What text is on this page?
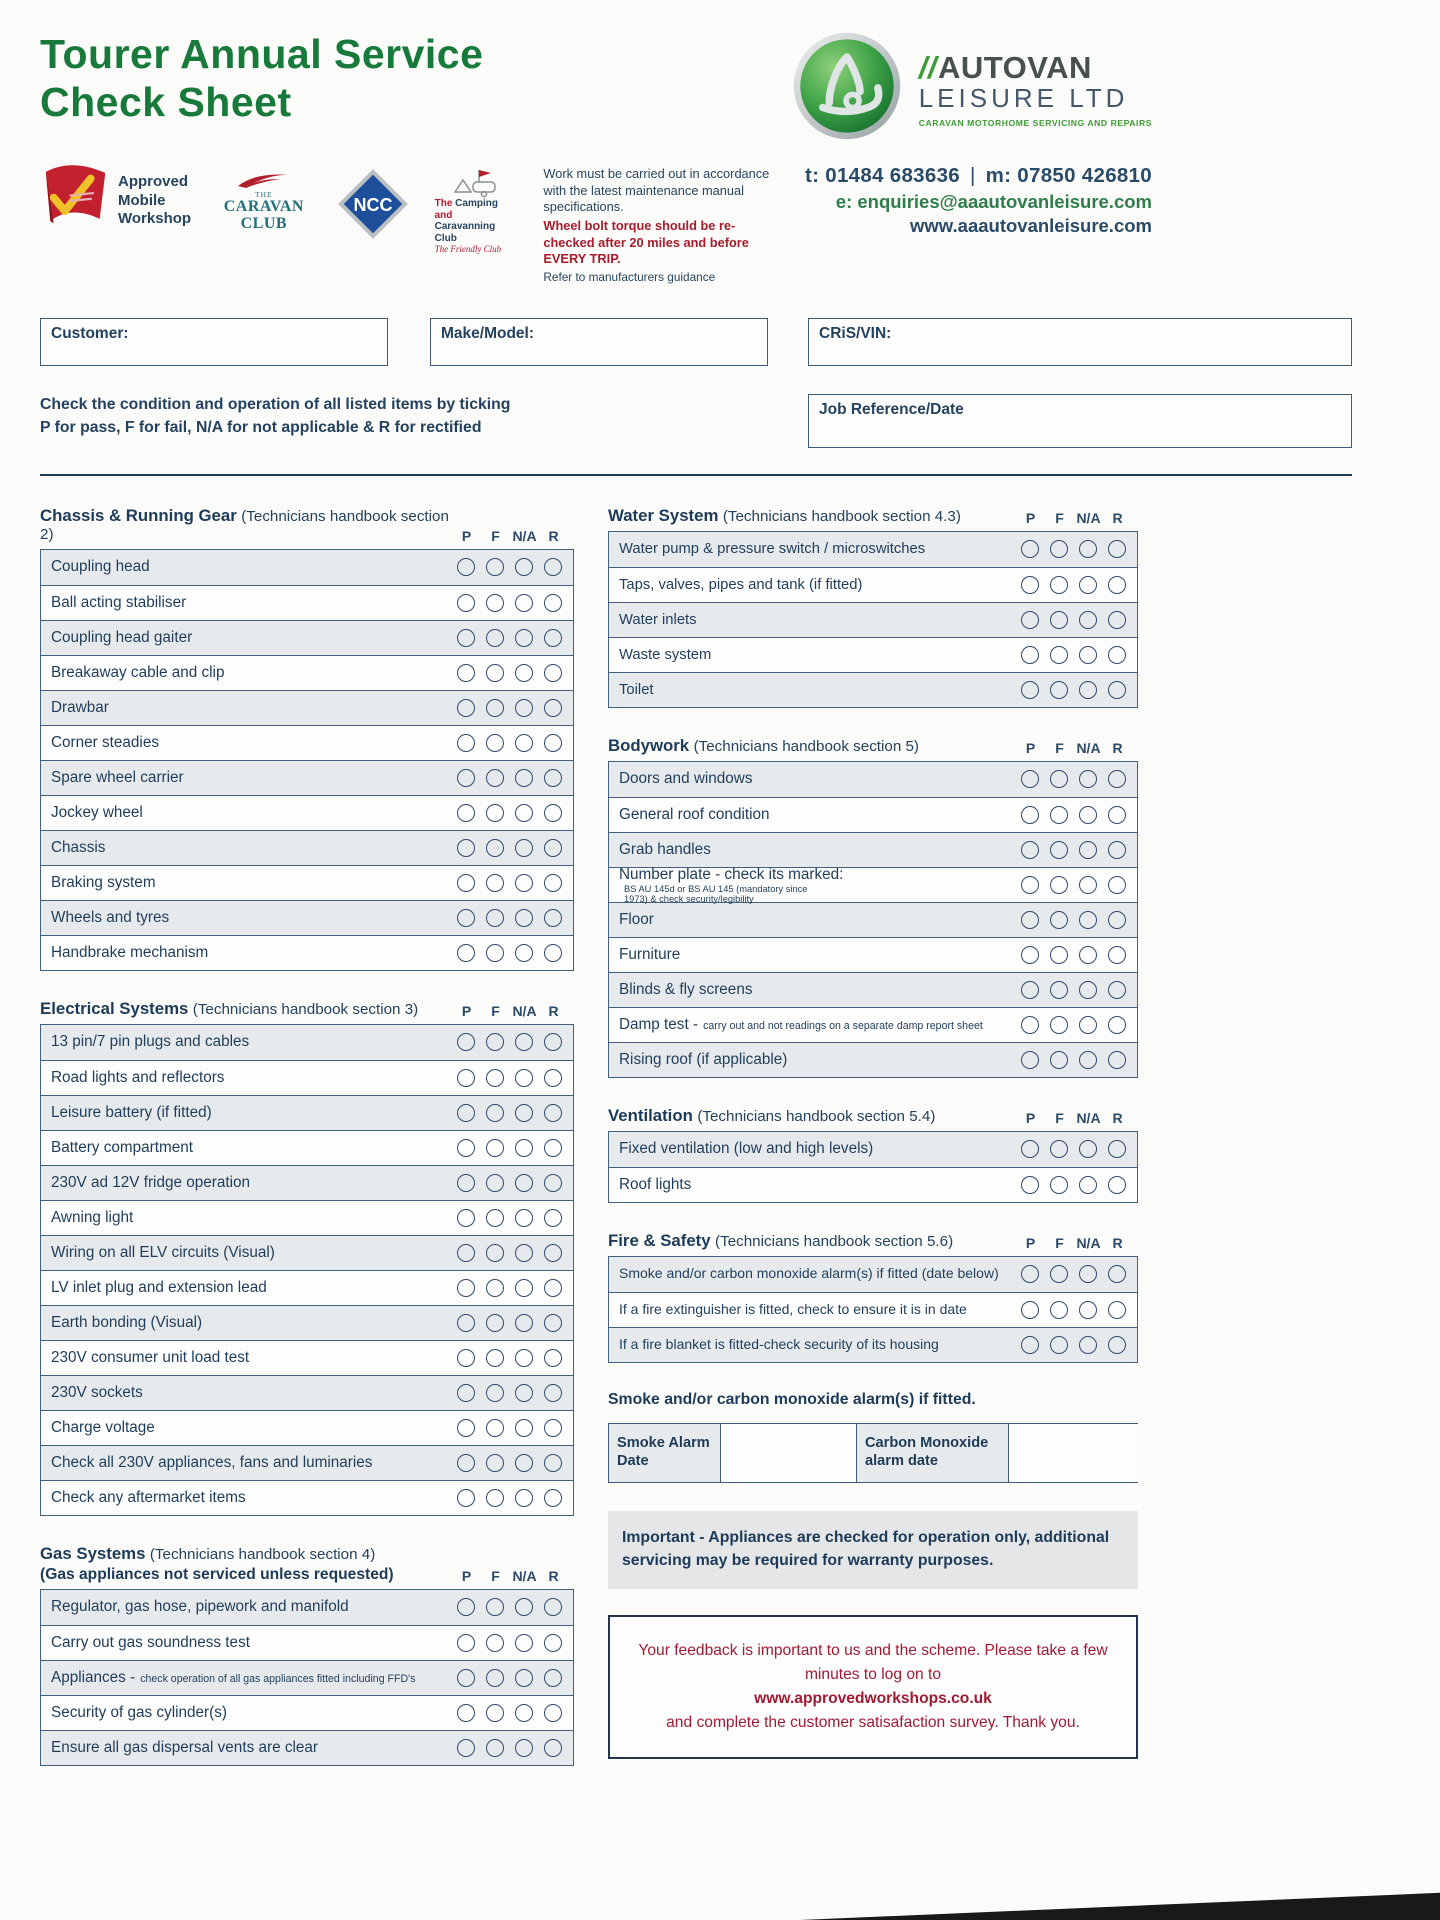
Tourer Annual Service
Check Sheet
//AUTOVAN
LEISURE LTD
CARAVAN MOTORHOME SERVICING AND REPAIRS
Approved
Mobile
Workshop
THE
CARAVAN
CLUB
NCC	The Camping and
Caravanning
Club
The Friendly Club
Work must be carried out in accordance with the latest maintenance manual specifications.
Wheel bolt torque should be re-checked after 20 miles and before EVERY TRIP.
Refer to manufacturers guidance
t: 01484 683636 | m: 07850 426810
e: enquiries@aaautovanleisure.com
www.aaautovanleisure.com
Customer:	Make/Model:	CRiS/VIN:
Check the condition and operation of all listed items by ticking
P for pass, F for fail, N/A for not applicable & R for rectified
Job Reference/Date
Chassis & Running Gear (Technicians handbook section 2)	P	F N/A R
Coupling head
Ball acting stabiliser
Coupling head gaiter
Breakaway cable and clip
Drawbar
Corner steadies
Spare wheel carrier
Jockey wheel
Chassis
Braking system
Wheels and tyres
Handbrake mechanism
Electrical Systems (Technicians handbook section 3)	P	F N/A R
13 pin/7 pin plugs and cables
Road lights and reflectors
Leisure battery (if fitted)
Battery compartment
230V ad 12V fridge operation
Awning light
Wiring on all ELV circuits (Visual)
LV inlet plug and extension lead
Earth bonding (Visual)
230V consumer unit load test
230V sockets
Charge voltage
Check all 230V appliances, fans and luminaries
Check any aftermarket items
Gas Systems (Technicians handbook section 4)
(Gas appliances not serviced unless requested)	P	F N/A R
Regulator, gas hose, pipework and manifold
Carry out gas soundness test
Appliances - check operation of all gas appliances fitted including FFD's
Security of gas cylinder(s)
Ensure all gas dispersal vents are clear
Water System (Technicians handbook section 4.3)	P	F N/A R
Water pump & pressure switch / microswitches
Taps, valves, pipes and tank (if fitted)
Water inlets
Waste system
Toilet
Bodywork (Technicians handbook section 5)	P	F N/A R
Doors and windows
General roof condition
Grab handles
Number plate - check its marked:BS AU 145d or BS AU 145 (mandatory since 1973) & check security/legibility
Floor
Furniture
Blinds & fly screens
Damp test - carry out and not readings on a separate damp report sheet
Rising roof (if applicable)
Ventilation (Technicians handbook section 5.4)	P	F N/A R
Fixed ventilation (low and high levels)
Roof lights
Fire & Safety (Technicians handbook section 5.6)	P	F N/A R
Smoke and/or carbon monoxide alarm(s) if fitted (date below)
If a fire extinguisher is fitted, check to ensure it is in date
If a fire blanket is fitted-check security of its housing
Smoke and/or carbon monoxide alarm(s) if fitted.
Smoke Alarm Date
Carbon Monoxide alarm date
Important - Appliances are checked for operation only, additional servicing may be required for warranty purposes.
Your feedback is important to us and the scheme. Please take a few minutes to log on to
www.approvedworkshops.co.uk
and complete the customer satisafaction survey. Thank you.
